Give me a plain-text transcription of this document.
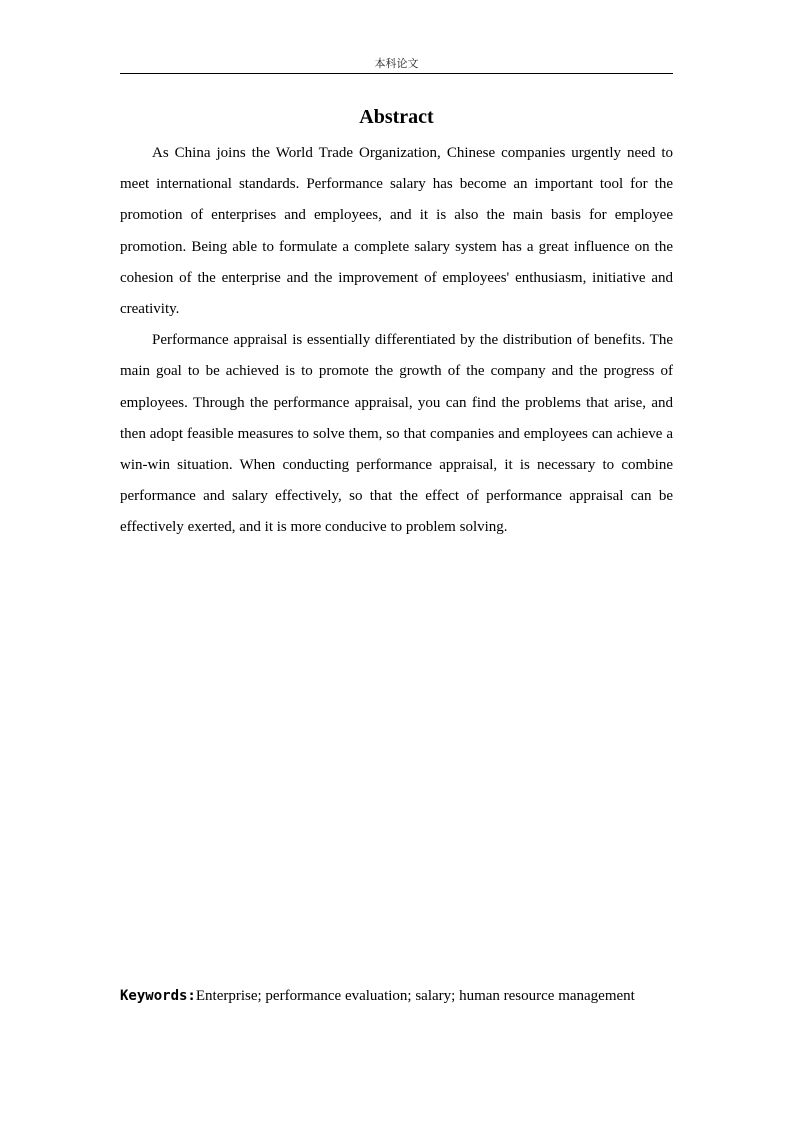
本科论文
Abstract

As China joins the World Trade Organization, Chinese companies urgently need to meet international standards. Performance salary has become an important tool for the promotion of enterprises and employees, and it is also the main basis for employee promotion. Being able to formulate a complete salary system has a great influence on the cohesion of the enterprise and the improvement of employees' enthusiasm, initiative and creativity.

Performance appraisal is essentially differentiated by the distribution of benefits. The main goal to be achieved is to promote the growth of the company and the progress of employees. Through the performance appraisal, you can find the problems that arise, and then adopt feasible measures to solve them, so that companies and employees can achieve a win-win situation. When conducting performance appraisal, it is necessary to combine performance and salary effectively, so that the effect of performance appraisal can be effectively exerted, and it is more conducive to problem solving.

Keywords:Enterprise; performance evaluation; salary; human resource management
